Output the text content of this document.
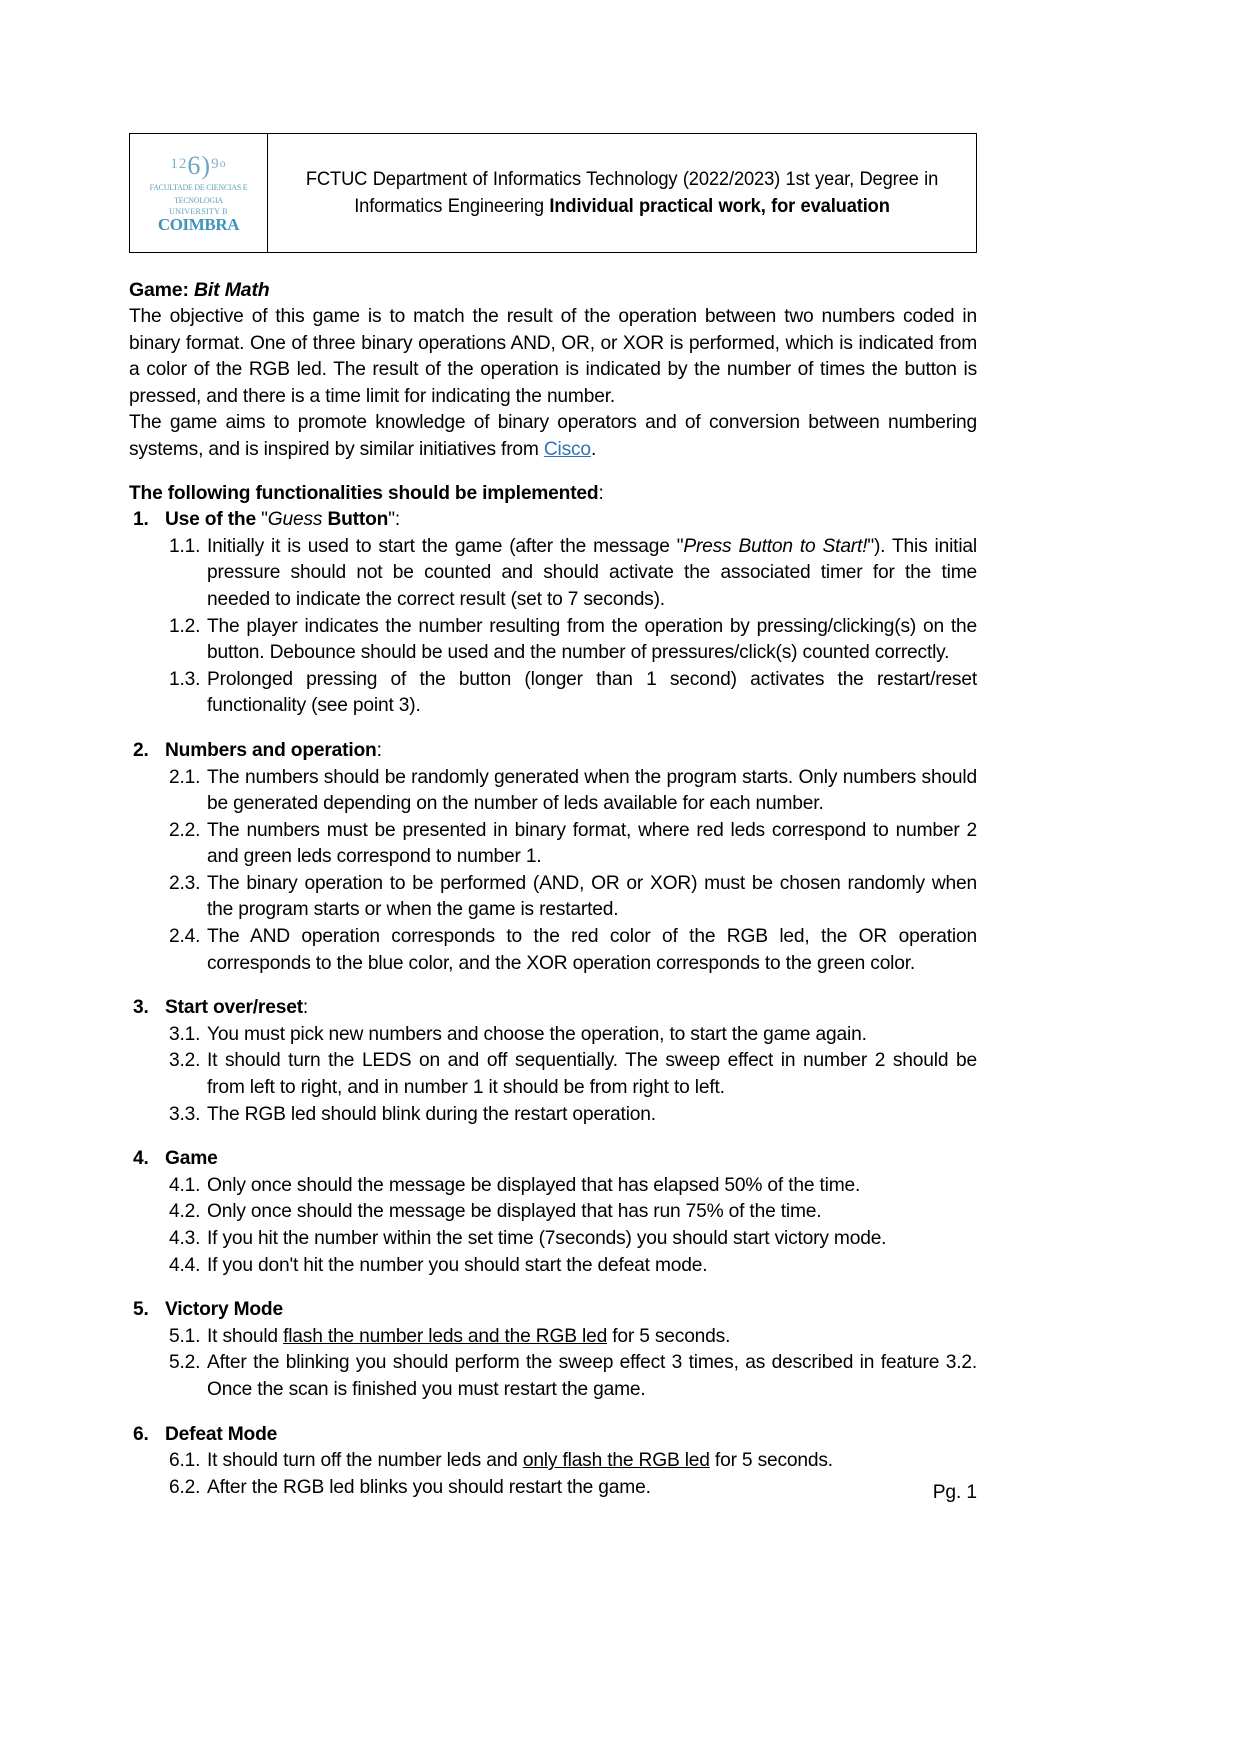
126)9$^o$
FACULTADE DE CIENCIAS E
TECNOLOGIA
UNIVERSITY B
COIMBRA

FCTUC Department of Informatics Technology (2022/2023) 1st year, Degree in Informatics Engineering Individual practical work, for evaluation
Game: Bit Math

The objective of this game is to match the result of the operation between two numbers coded in binary format. One of three binary operations AND, OR, or XOR is performed, which is indicated from a color of the RGB led. The result of the operation is indicated by the number of times the button is pressed, and there is a time limit for indicating the number.

The game aims to promote knowledge of binary operators and of conversion between numbering systems, and is inspired by similar initiatives from Cisco.

The following functionalities should be implemented:
1. Use of the "Guess Button":
1.1. Initially it is used to start the game (after the message "Press Button to Start!"). This initial pressure should not be counted and should activate the associated timer for the time needed to indicate the correct result (set to 7 seconds).
1.2. The player indicates the number resulting from the operation by pressing/clicking(s) on the button. Debounce should be used and the number of pressures/click(s) counted correctly.
1.3. Prolonged pressing of the button (longer than 1 second) activates the restart/reset functionality (see point 3).
2. Numbers and operation:
2.1. The numbers should be randomly generated when the program starts. Only numbers should be generated depending on the number of leds available for each number.
2.2. The numbers must be presented in binary format, where red leds correspond to number 2 and green leds correspond to number 1.
2.3. The binary operation to be performed (AND, OR or XOR) must be chosen randomly when the program starts or when the game is restarted.
2.4. The AND operation corresponds to the red color of the RGB led, the OR operation corresponds to the blue color, and the XOR operation corresponds to the green color.
3. Start over/reset:
3.1. You must pick new numbers and choose the operation, to start the game again.
3.2. It should turn the LEDS on and off sequentially. The sweep effect in number 2 should be from left to right, and in number 1 it should be from right to left.
3.3. The RGB led should blink during the restart operation.
4. Game
4.1. Only once should the message be displayed that has elapsed 50% of the time.
4.2. Only once should the message be displayed that has run 75% of the time.
4.3. If you hit the number within the set time (7seconds) you should start victory mode.
4.4. If you don't hit the number you should start the defeat mode.
5. Victory Mode
5.1. It should flash the number leds and the RGB led for 5 seconds.
5.2. After the blinking you should perform the sweep effect 3 times, as described in feature 3.2. Once the scan is finished you must restart the game.
6. Defeat Mode
6.1. It should turn off the number leds and only flash the RGB led for 5 seconds.
6.2. After the RGB led blinks you should restart the game.	Pg. 1
